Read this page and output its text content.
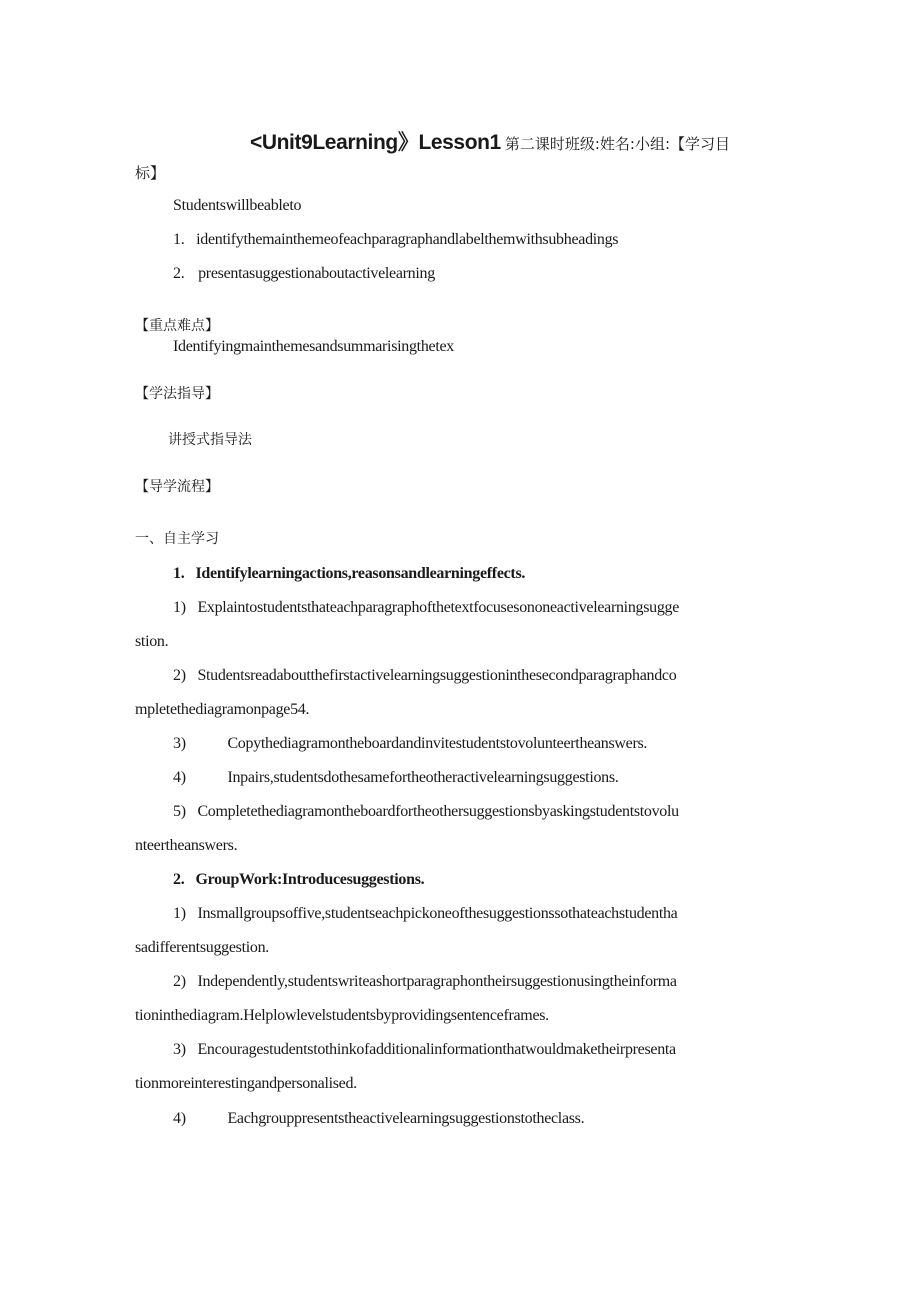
<Unit9Learning》Lesson1 第二课时班级:姓名:小组:【学习目
标】
Studentswillbeableto
1. identifythemainthemeofeachparagraphandlabelthemwithsubheadings
2. presentasuggestionaboutactivelearning
【重点难点】
Identifyingmainthemesandsummarisingthetex
【学法指导】
讲授式指导法
【导学流程】
一、自主学习
1.   Identifylearningactions,reasonsandlearningeffects.
1) Explaintostudentsthateachparagraphofthetextfocusesononeactivelearningsugge
stion.
2) Studentsreadaboutthefirstactivelearningsuggestioninthesecondparagraphandco
mpletethediagramonpage54.
3)	Copythediagramontheboardandinvitestudentstovolunteertheanswers.
4)	Inpairs,studentsdothesamefortheotheractivelearningsuggestions.
5) Completethediagramontheboardfortheothersuggestionsbyaskingstudentstovolu
nteertheanswers.
2.   GroupWork:Introducesuggestions.
1) Insmallgroupsoffive,studentseachpickoneofthesuggestionssothateachstudentha
sadifferentsuggestion.
2) Independently,studentswriteashortparagraphontheirsuggestionusingtheinforma
tioninthediagram.Helplowlevelstudentsbyprovidingsentenceframes.
3) Encouragestudentstothinkofadditionalinformationthatwouldmaketheirpresenta
tionmoreinterestingandpersonalised.
4)	Eachgrouppresentstheactivelearningsuggestionstotheclass.
